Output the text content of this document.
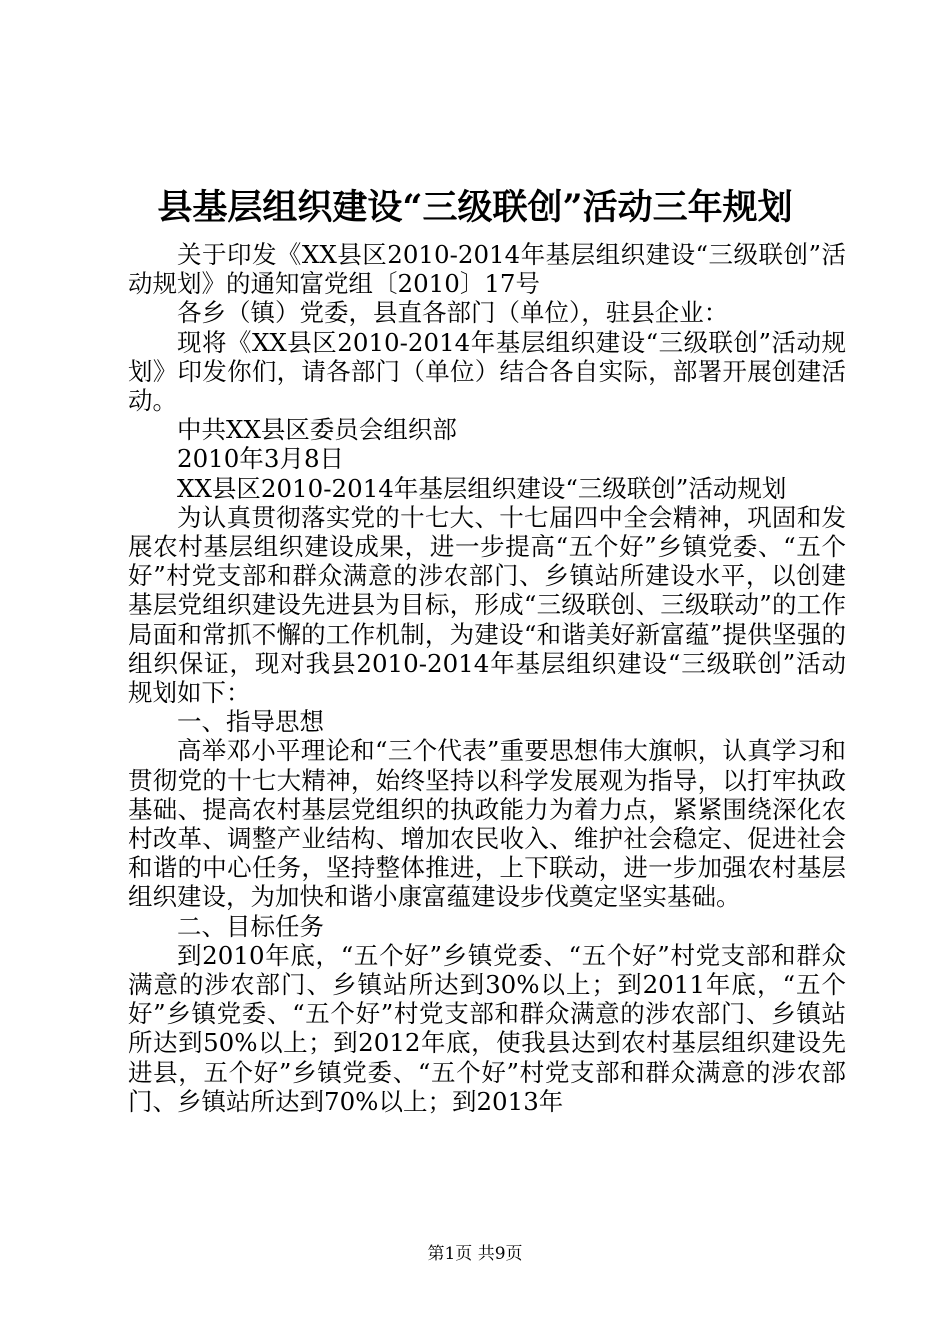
县基层组织建设“三级联创”活动三年规划

关于印发《XX县区2010-2014年基层组织建设“三级联创”活动规划》的通知富党组〔2010〕17号

各乡（镇）党委，县直各部门（单位），驻县企业：

现将《XX县区2010-2014年基层组织建设“三级联创”活动规划》印发你们，请各部门（单位）结合各自实际，部署开展创建活动。

中共XX县区委员会组织部

2010年3月8日

XX县区2010-2014年基层组织建设“三级联创”活动规划

为认真贯彻落实党的十七大、十七届四中全会精神，巩固和发展农村基层组织建设成果，进一步提高“五个好”乡镇党委、“五个好”村党支部和群众满意的涉农部门、乡镇站所建设水平，以创建基层党组织建设先进县为目标，形成“三级联创、三级联动”的工作局面和常抓不懈的工作机制，为建设“和谐美好新富蕴”提供坚强的组织保证，现对我县2010-2014年基层组织建设“三级联创”活动规划如下：

一、指导思想

高举邓小平理论和“三个代表”重要思想伟大旗帜，认真学习和贯彻党的十七大精神，始终坚持以科学发展观为指导，以打牢执政基础、提高农村基层党组织的执政能力为着力点，紧紧围绕深化农村改革、调整产业结构、增加农民收入、维护社会稳定、促进社会和谐的中心任务，坚持整体推进，上下联动，进一步加强农村基层组织建设，为加快和谐小康富蕴建设步伐奠定坚实基础。

二、目标任务

到2010年底，“五个好”乡镇党委、“五个好”村党支部和群众满意的涉农部门、乡镇站所达到30%以上；到2011年底，“五个好”乡镇党委、“五个好”村党支部和群众满意的涉农部门、乡镇站所达到50%以上；到2012年底，使我县达到农村基层组织建设先进县，五个好”乡镇党委、“五个好”村党支部和群众满意的涉农部门、乡镇站所达到70%以上；到2013年

第1页 共9页
